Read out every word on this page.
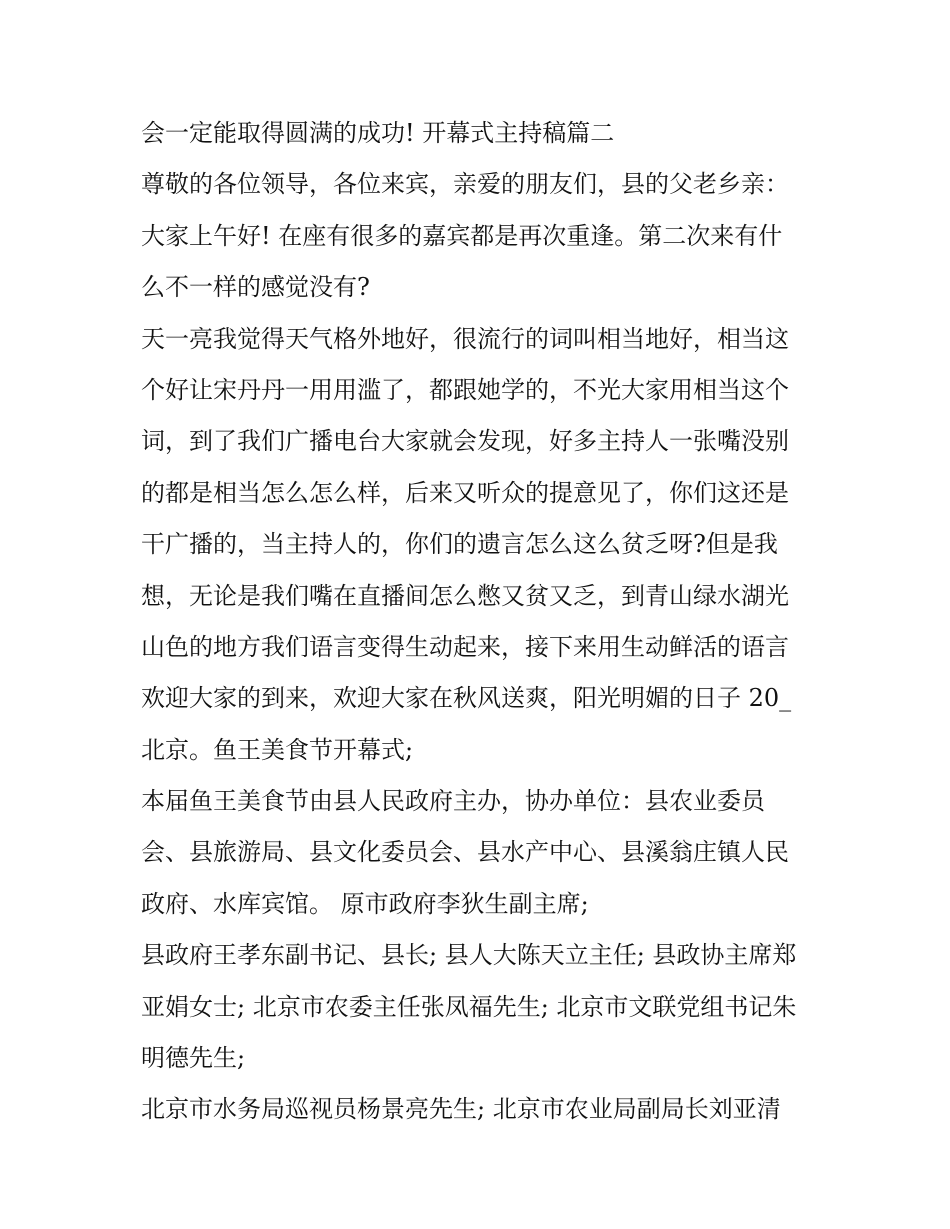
会一定能取得圆满的成功! 开幕式主持稿篇二
尊敬的各位领导，各位来宾，亲爱的朋友们，县的父老乡亲：
大家上午好! 在座有很多的嘉宾都是再次重逢。第二次来有什
么不一样的感觉没有?
天一亮我觉得天气格外地好，很流行的词叫相当地好，相当这
个好让宋丹丹一用用滥了，都跟她学的，不光大家用相当这个
词，到了我们广播电台大家就会发现，好多主持人一张嘴没别
的都是相当怎么怎么样，后来又听众的提意见了，你们这还是
干广播的，当主持人的，你们的遗言怎么这么贫乏呀?但是我
想，无论是我们嘴在直播间怎么憋又贫又乏，到青山绿水湖光
山色的地方我们语言变得生动起来，接下来用生动鲜活的语言
欢迎大家的到来，欢迎大家在秋风送爽，阳光明媚的日子 20_
北京。鱼王美食节开幕式;
本届鱼王美食节由县人民政府主办，协办单位：县农业委员
会、县旅游局、县文化委员会、县水产中心、县溪翁庄镇人民
政府、水库宾馆。 原市政府李狄生副主席;
县政府王孝东副书记、县长; 县人大陈天立主任; 县政协主席郑
亚娟女士; 北京市农委主任张凤福先生; 北京市文联党组书记朱
明德先生;
北京市水务局巡视员杨景亮先生; 北京市农业局副局长刘亚清
